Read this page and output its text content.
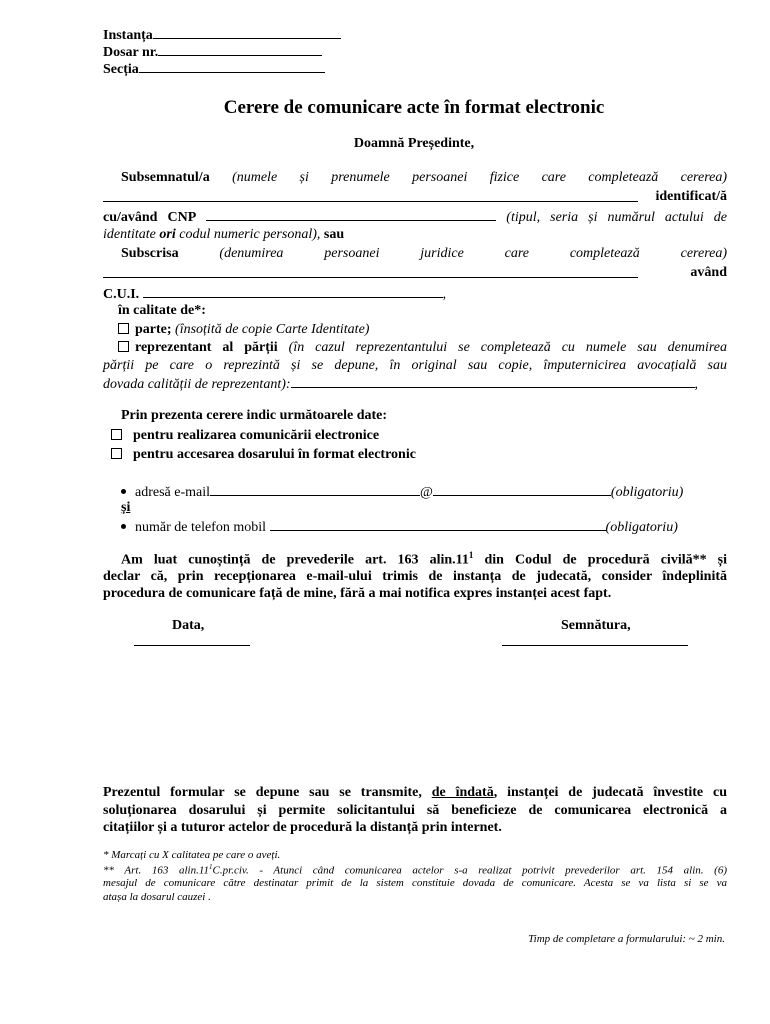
Instanța
Dosar nr.
Secția
Cerere de comunicare acte în format electronic
Doamnă Președinte,
Subsemnatul/a (numele și prenumele persoanei fizice care completează cererea)
identificat/ă
cu/având CNP	(tipul, seria și numărul actului de
identitate ori codul numeric personal), sau
Subscrisa	(denumirea persoanei juridice care completează cererea)
având
C.U.I.	,
în calitate de*:
parte; (însoțită de copie Carte Identitate)
reprezentant al părții (în cazul reprezentantului se completează cu numele sau denumirea
părții pe care o reprezintă și se depune, în original sau copie, împuternicirea avocațială sau
dovada calității de reprezentant):	,
Prin prezenta cerere indic următoarele date:
pentru realizarea comunicării electronice
pentru accesarea dosarului în format electronic
adresă e-mail	@	(obligatoriu)
și
număr de telefon mobil	(obligatoriu)
Am luat cunoștință de prevederile art. 163 $alin.11^1$ din Codul de procedură civilă** și
declar că, prin recepționarea e-mail-ului trimis de instanța de judecată, consider îndeplinită
procedura de comunicare față de mine, fără a mai notifica expres instanței acest fapt.
Data,	Semnătura,
Prezentul formular se depune sau se transmite, de îndată, instanței de judecată învestite cu
soluționarea dosarului și permite solicitantului să beneficieze de comunicarea electronică a
citațiilor și a tuturor actelor de procedură la distanță prin internet.
* Marcați cu X calitatea pe care o aveți.
** Art. 163 $alin.11^1C.pr.civ$. - Atunci când comunicarea actelor s-a realizat potrivit prevederilor art. 154 alin. (6)
mesajul de comunicare către destinatar primit de la sistem constituie dovada de comunicare. Acesta se va lista si se va
atașa la dosarul cauzei .
Timp de completare a formularului: ~ 2 min.
